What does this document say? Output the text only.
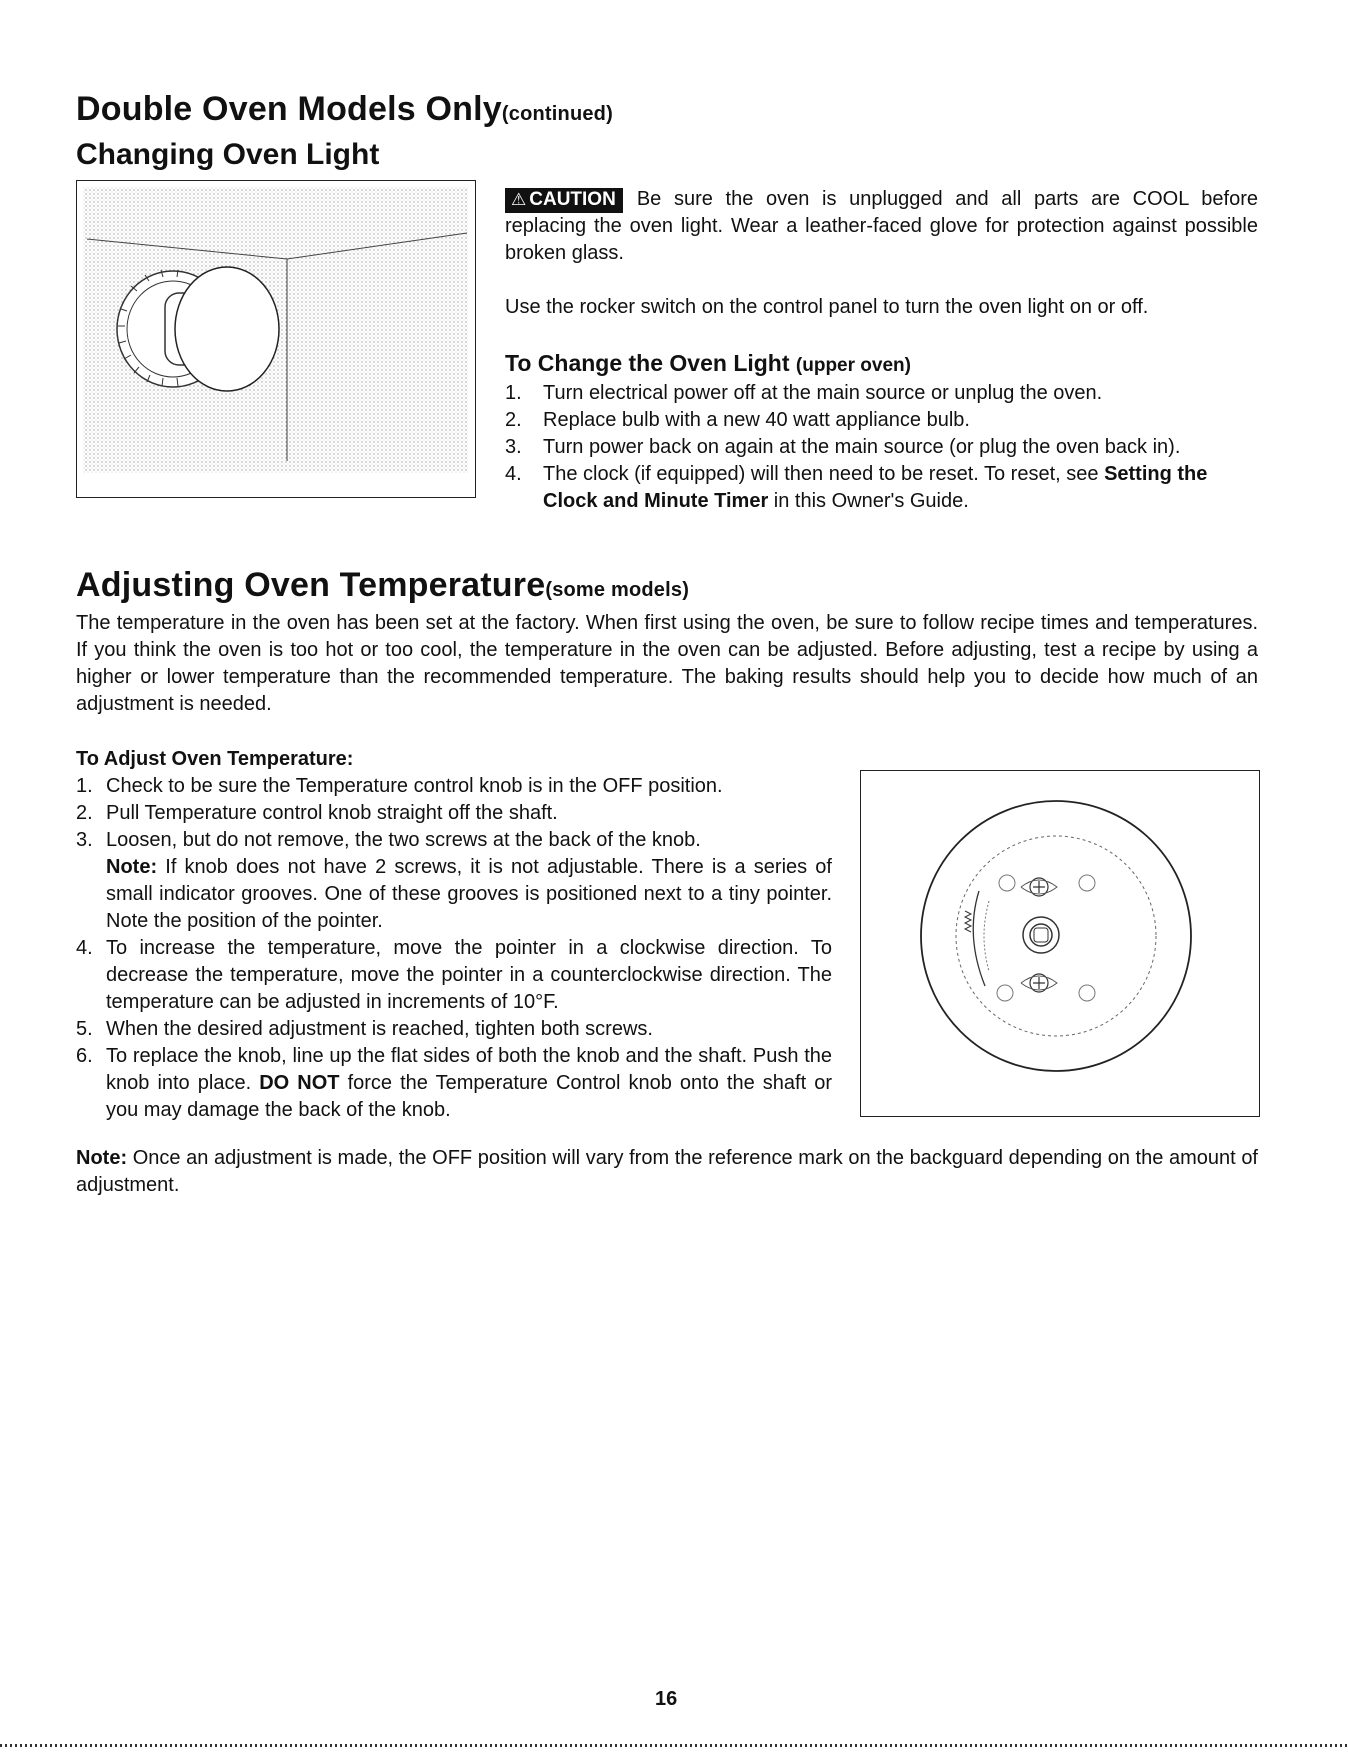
Double Oven Models Only(continued)
Changing Oven Light

⚠ CAUTION Be sure the oven is unplugged and all parts are COOL before replacing the oven light. Wear a leather-faced glove for protection against possible broken glass.

Use the rocker switch on the control panel to turn the oven light on or off.

To Change the Oven Light (upper oven)
1. Turn electrical power off at the main source or unplug the oven.
2. Replace bulb with a new 40 watt appliance bulb.
3. Turn power back on again at the main source (or plug the oven back in).
4. The clock (if equipped) will then need to be reset. To reset, see Setting the Clock and Minute Timer in this Owner's Guide.
Adjusting Oven Temperature(some models)

The temperature in the oven has been set at the factory. When first using the oven, be sure to follow recipe times and temperatures. If you think the oven is too hot or too cool, the temperature in the oven can be adjusted. Before adjusting, test a recipe by using a higher or lower temperature than the recommended temperature. The baking results should help you to decide how much of an adjustment is needed.

To Adjust Oven Temperature:
1. Check to be sure the Temperature control knob is in the OFF position.
2. Pull Temperature control knob straight off the shaft.
3. Loosen, but do not remove, the two screws at the back of the knob.
Note: If knob does not have 2 screws, it is not adjustable. There is a series of small indicator grooves. One of these grooves is positioned next to a tiny pointer. Note the position of the pointer.
4. To increase the temperature, move the pointer in a clockwise direction. To decrease the temperature, move the pointer in a counterclockwise direction. The temperature can be adjusted in increments of 10°F.
5. When the desired adjustment is reached, tighten both screws.
6. To replace the knob, line up the flat sides of both the knob and the shaft. Push the knob into place. DO NOT force the Temperature Control knob onto the shaft or you may damage the back of the knob.

Note: Once an adjustment is made, the OFF position will vary from the reference mark on the backguard depending on the amount of adjustment.

16
